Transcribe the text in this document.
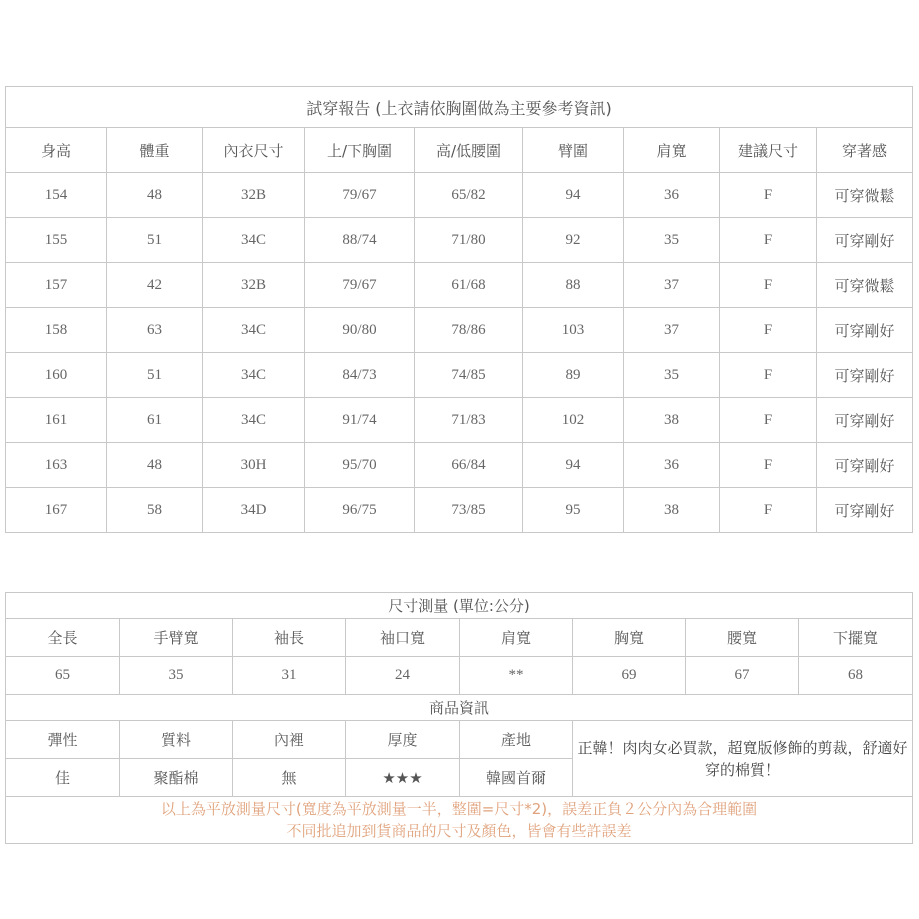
試穿報告 (上衣請依胸圍做為主要參考資訊)								
身高	體重	內衣尺寸	上/下胸圍	高/低腰圍	臂圍	肩寬	建議尺寸	穿著感
154	48	32B	79/67	65/82	94	36	F	可穿微鬆
155	51	34C	88/74	71/80	92	35	F	可穿剛好
157	42	32B	79/67	61/68	88	37	F	可穿微鬆
158	63	34C	90/80	78/86	103	37	F	可穿剛好
160	51	34C	84/73	74/85	89	35	F	可穿剛好
161	61	34C	91/74	71/83	102	38	F	可穿剛好
163	48	30H	95/70	66/84	94	36	F	可穿剛好
167	58	34D	96/75	73/85	95	38	F	可穿剛好
尺寸測量 (單位:公分)							
全長	手臂寬	袖長	袖口寬	肩寬	胸寬	腰寬	下擺寬
65	35	31	24	**	69	67	68
商品資訊							
彈性	質料	內裡	厚度	產地	正韓！肉肉女必買款，超寬版修飾的剪裁，舒適好穿的棉質！		
佳	聚酯棉	無	★★★	韓國首爾			

以上為平放測量尺寸(寬度為平放測量一半，整圍=尺寸*2)，誤差正負２公分內為合理範圍
不同批追加到貨商品的尺寸及顏色，皆會有些許誤差							
